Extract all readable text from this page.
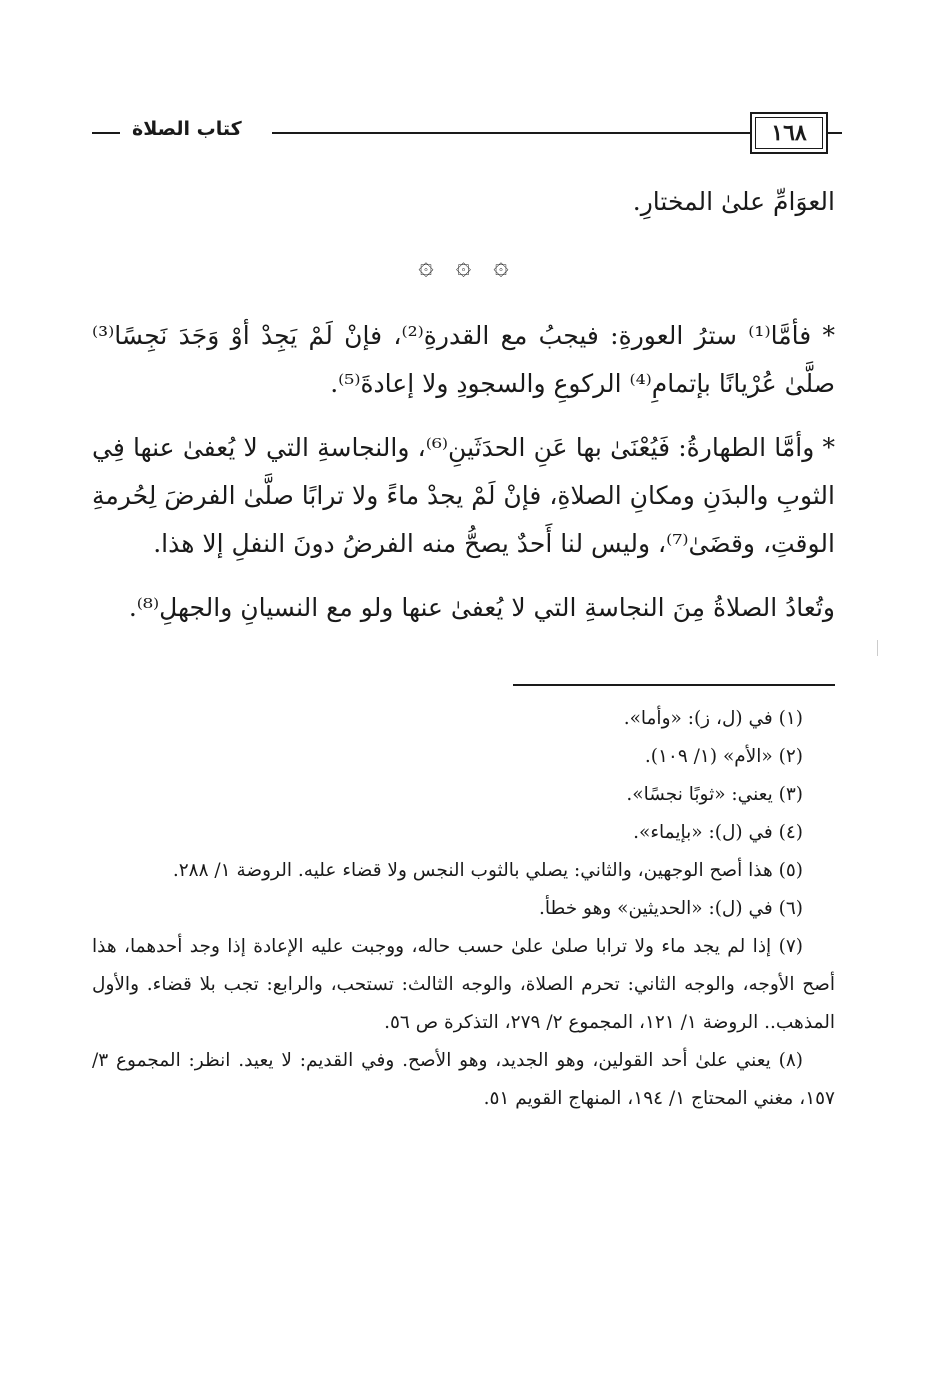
١٦٨
كتاب الصلاة

العوَامِّ علىٰ المختارِ.

۞ ۞ ۞

* فأمَّا⁽¹⁾ سترُ العورةِ: فيجبُ مع القدرةِ⁽²⁾، فإنْ لَمْ يَجِدْ أوْ وَجَدَ نَجِسًا⁽³⁾ صلَّىٰ عُرْيانًا بإتمامِ⁽⁴⁾ الركوعِ والسجودِ ولا إعادةَ⁽⁵⁾.

* وأمَّا الطهارةُ: فَيُعْنَىٰ بها عَنِ الحدَثَينِ⁽⁶⁾، والنجاسةِ التي لا يُعفىٰ عنها فِي الثوبِ والبدَنِ ومكانِ الصلاةِ، فإنْ لَمْ يجدْ ماءً ولا ترابًا صلَّىٰ الفرضَ لِحُرمةِ الوقتِ، وقضَىٰ⁽⁷⁾، وليس لنا أَحدٌ يصحُّ منه الفرضُ دونَ النفلِ إلا هذا.

وتُعادُ الصلاةُ مِنَ النجاسةِ التي لا يُعفىٰ عنها ولو مع النسيانِ والجهلِ⁽⁸⁾.

(١) في (ل، ز): «وأما».

(٢) «الأم» (١/ ١٠٩).

(٣) يعني: «ثوبًا نجسًا».

(٤) في (ل): «بإيماء».

(٥) هذا أصح الوجهين، والثاني: يصلي بالثوب النجس ولا قضاء عليه. الروضة ١/ ٢٨٨.

(٦) في (ل): «الحديثين» وهو خطأ.

(٧) إذا لم يجد ماء ولا ترابا صلىٰ علىٰ حسب حاله، ووجبت عليه الإعادة إذا وجد أحدهما، هذا أصح الأوجه، والوجه الثاني: تحرم الصلاة، والوجه الثالث: تستحب، والرابع: تجب بلا قضاء. والأول المذهب.. الروضة ١/ ١٢١، المجموع ٢/ ٢٧٩، التذكرة ص ٥٦.

(٨) يعني علىٰ أحد القولين، وهو الجديد، وهو الأصح. وفي القديم: لا يعيد. انظر: المجموع ٣/ ١٥٧، مغني المحتاج ١/ ١٩٤، المنهاج القويم ٥١.
